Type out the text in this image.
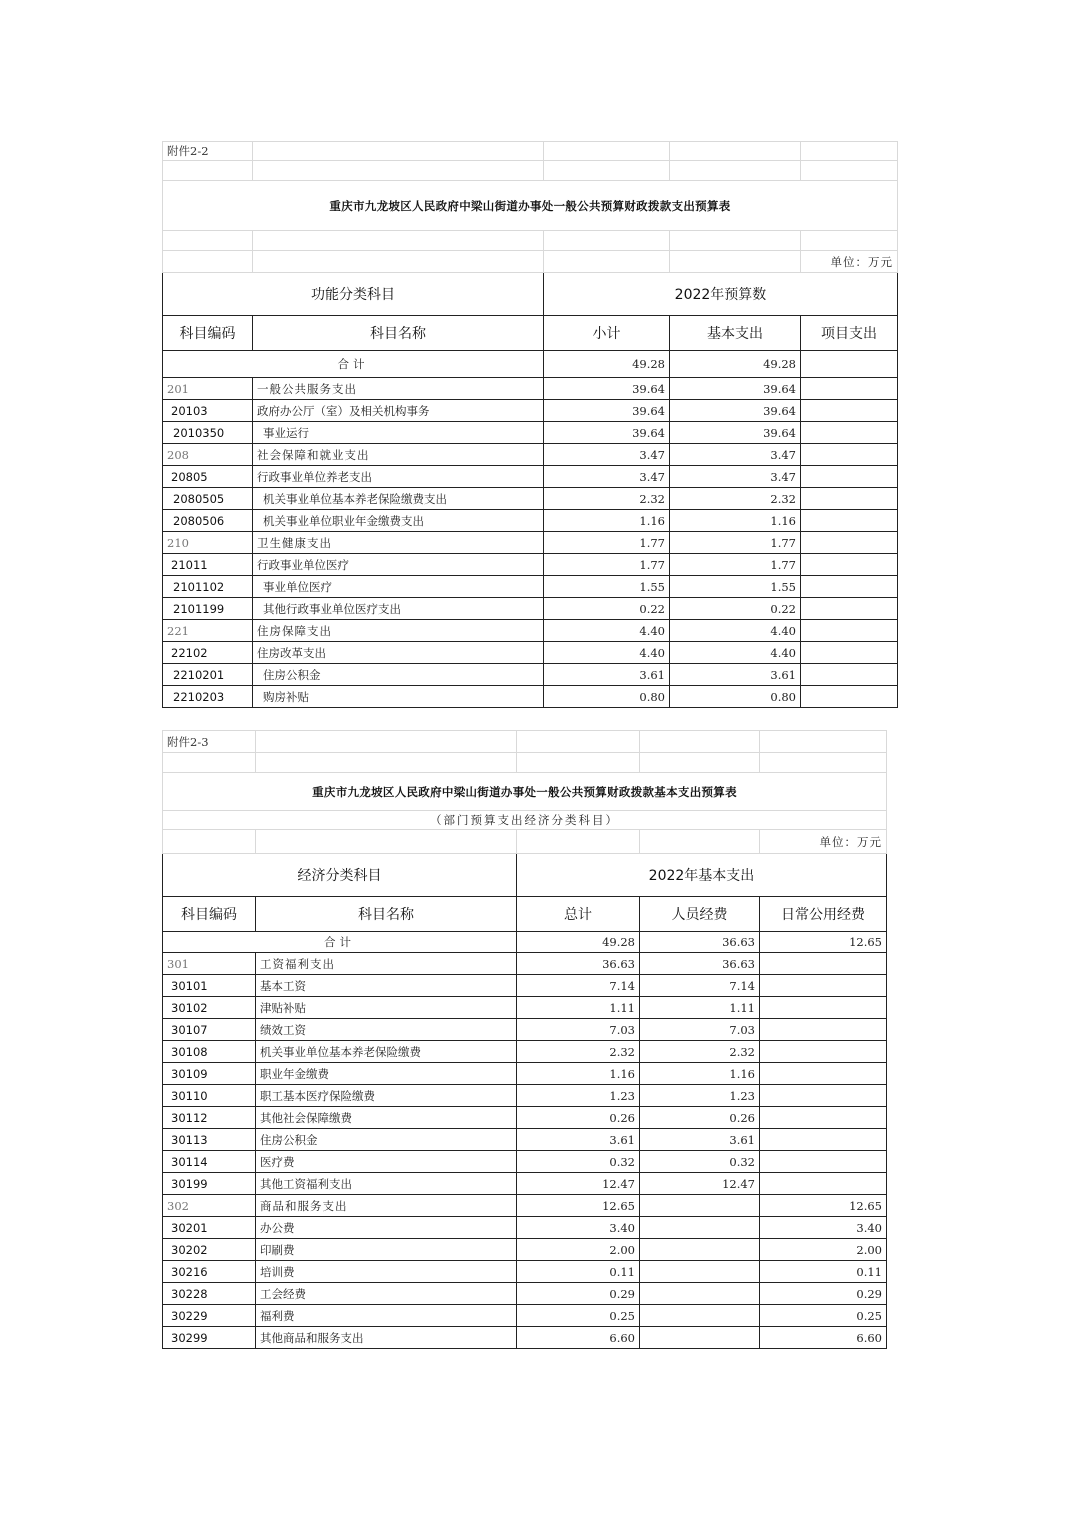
附件2-2				

重庆市九龙坡区人民政府中梁山街道办事处一般公共预算财政拨款支出预算表				

				单位：万元
功能分类科目		2022年预算数		
科目编码	科目名称	小计	基本支出	项目支出
合计		49.28	49.28	
201	一般公共服务支出	39.64	39.64	
20103	政府办公厅（室）及相关机构事务	39.64	39.64	
2010350	事业运行	39.64	39.64	
208	社会保障和就业支出	3.47	3.47	
20805	行政事业单位养老支出	3.47	3.47	
2080505	机关事业单位基本养老保险缴费支出	2.32	2.32	
2080506	机关事业单位职业年金缴费支出	1.16	1.16	
210	卫生健康支出	1.77	1.77	
21011	行政事业单位医疗	1.77	1.77	
2101102	事业单位医疗	1.55	1.55	
2101199	其他行政事业单位医疗支出	0.22	0.22	
221	住房保障支出	4.40	4.40	
22102	住房改革支出	4.40	4.40	
2210201	住房公积金	3.61	3.61	
2210203	购房补贴	0.80	0.80	
附件2-3				

重庆市九龙坡区人民政府中梁山街道办事处一般公共预算财政拨款基本支出预算表				
（部门预算支出经济分类科目）				
				单位：万元
经济分类科目		2022年基本支出		
科目编码	科目名称	总计	人员经费	日常公用经费
合计		49.28	36.63	12.65
301	工资福利支出	36.63	36.63	
30101	基本工资	7.14	7.14	
30102	津贴补贴	1.11	1.11	
30107	绩效工资	7.03	7.03	
30108	机关事业单位基本养老保险缴费	2.32	2.32	
30109	职业年金缴费	1.16	1.16	
30110	职工基本医疗保险缴费	1.23	1.23	
30112	其他社会保障缴费	0.26	0.26	
30113	住房公积金	3.61	3.61	
30114	医疗费	0.32	0.32	
30199	其他工资福利支出	12.47	12.47	
302	商品和服务支出	12.65		12.65
30201	办公费	3.40		3.40
30202	印刷费	2.00		2.00
30216	培训费	0.11		0.11
30228	工会经费	0.29		0.29
30229	福利费	0.25		0.25
30299	其他商品和服务支出	6.60		6.60
